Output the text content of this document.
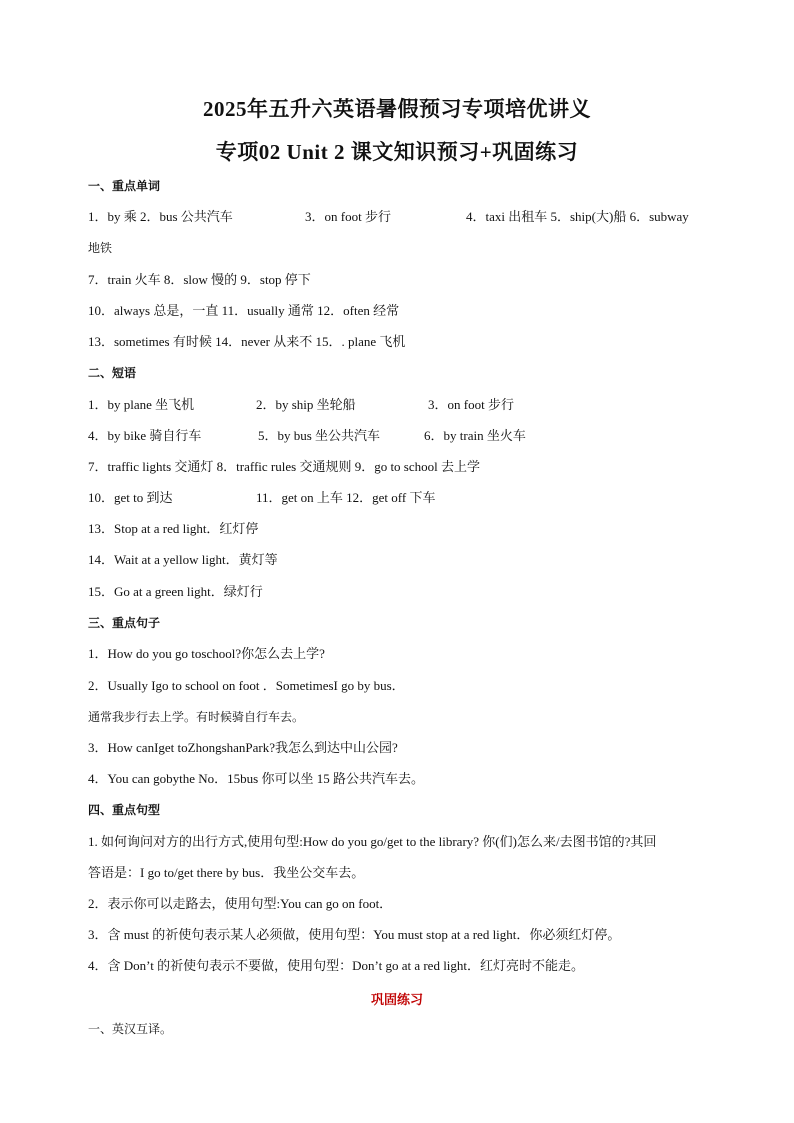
2025年五升六英语暑假预习专项培优讲义
专项02 Unit 2 课文知识预习+巩固练习
一、重点单词
1．by 乘 2．bus 公共汽车	3．on foot 步行	4．taxi 出租车 5．ship(大)船 6．subway
地铁
7．train 火车 8．slow 慢的 9．stop 停下
10．always 总是，一直 11．usually 通常 12．often 经常
13．sometimes 有时候 14．never 从来不 15．. plane 飞机
二、短语
1．by plane 坐飞机	2．by ship 坐轮船	3．on foot 步行
4．by bike 骑自行车	5．by bus 坐公共汽车	6．by train 坐火车
7．traffic lights 交通灯 8．traffic rules 交通规则 9．go to school 去上学
10．get to 到达	11．get on 上车 12．get off 下车
13．Stop at a red light．红灯停
14．Wait at a yellow light．黄灯等
15．Go at a green light．绿灯行
三、重点句子
1．How do you go toschool?你怎么去上学?
2．Usually Igo to school on foot ．SometimesI go by bus．
通常我步行去上学。有时候骑自行车去。
3．How canIget toZhongshanPark?我怎么到达中山公园?
4．You can gobythe No．15bus 你可以坐 15 路公共汽车去。
四、重点句型
1. 如何询问对方的出行方式,使用句型:How do you go/get to the library? 你(们)怎么来/去图书馆的?其回
答语是：I go to/get there by bus．我坐公交车去。
2．表示你可以走路去，使用句型:You can go on foot．
3．含 must 的祈使句表示某人必须做，使用句型：You must stop at a red light．你必须红灯停。
4．含 Don’t 的祈使句表示不要做，使用句型：Don’t go at a red light．红灯亮时不能走。
巩固练习
一、英汉互译。
